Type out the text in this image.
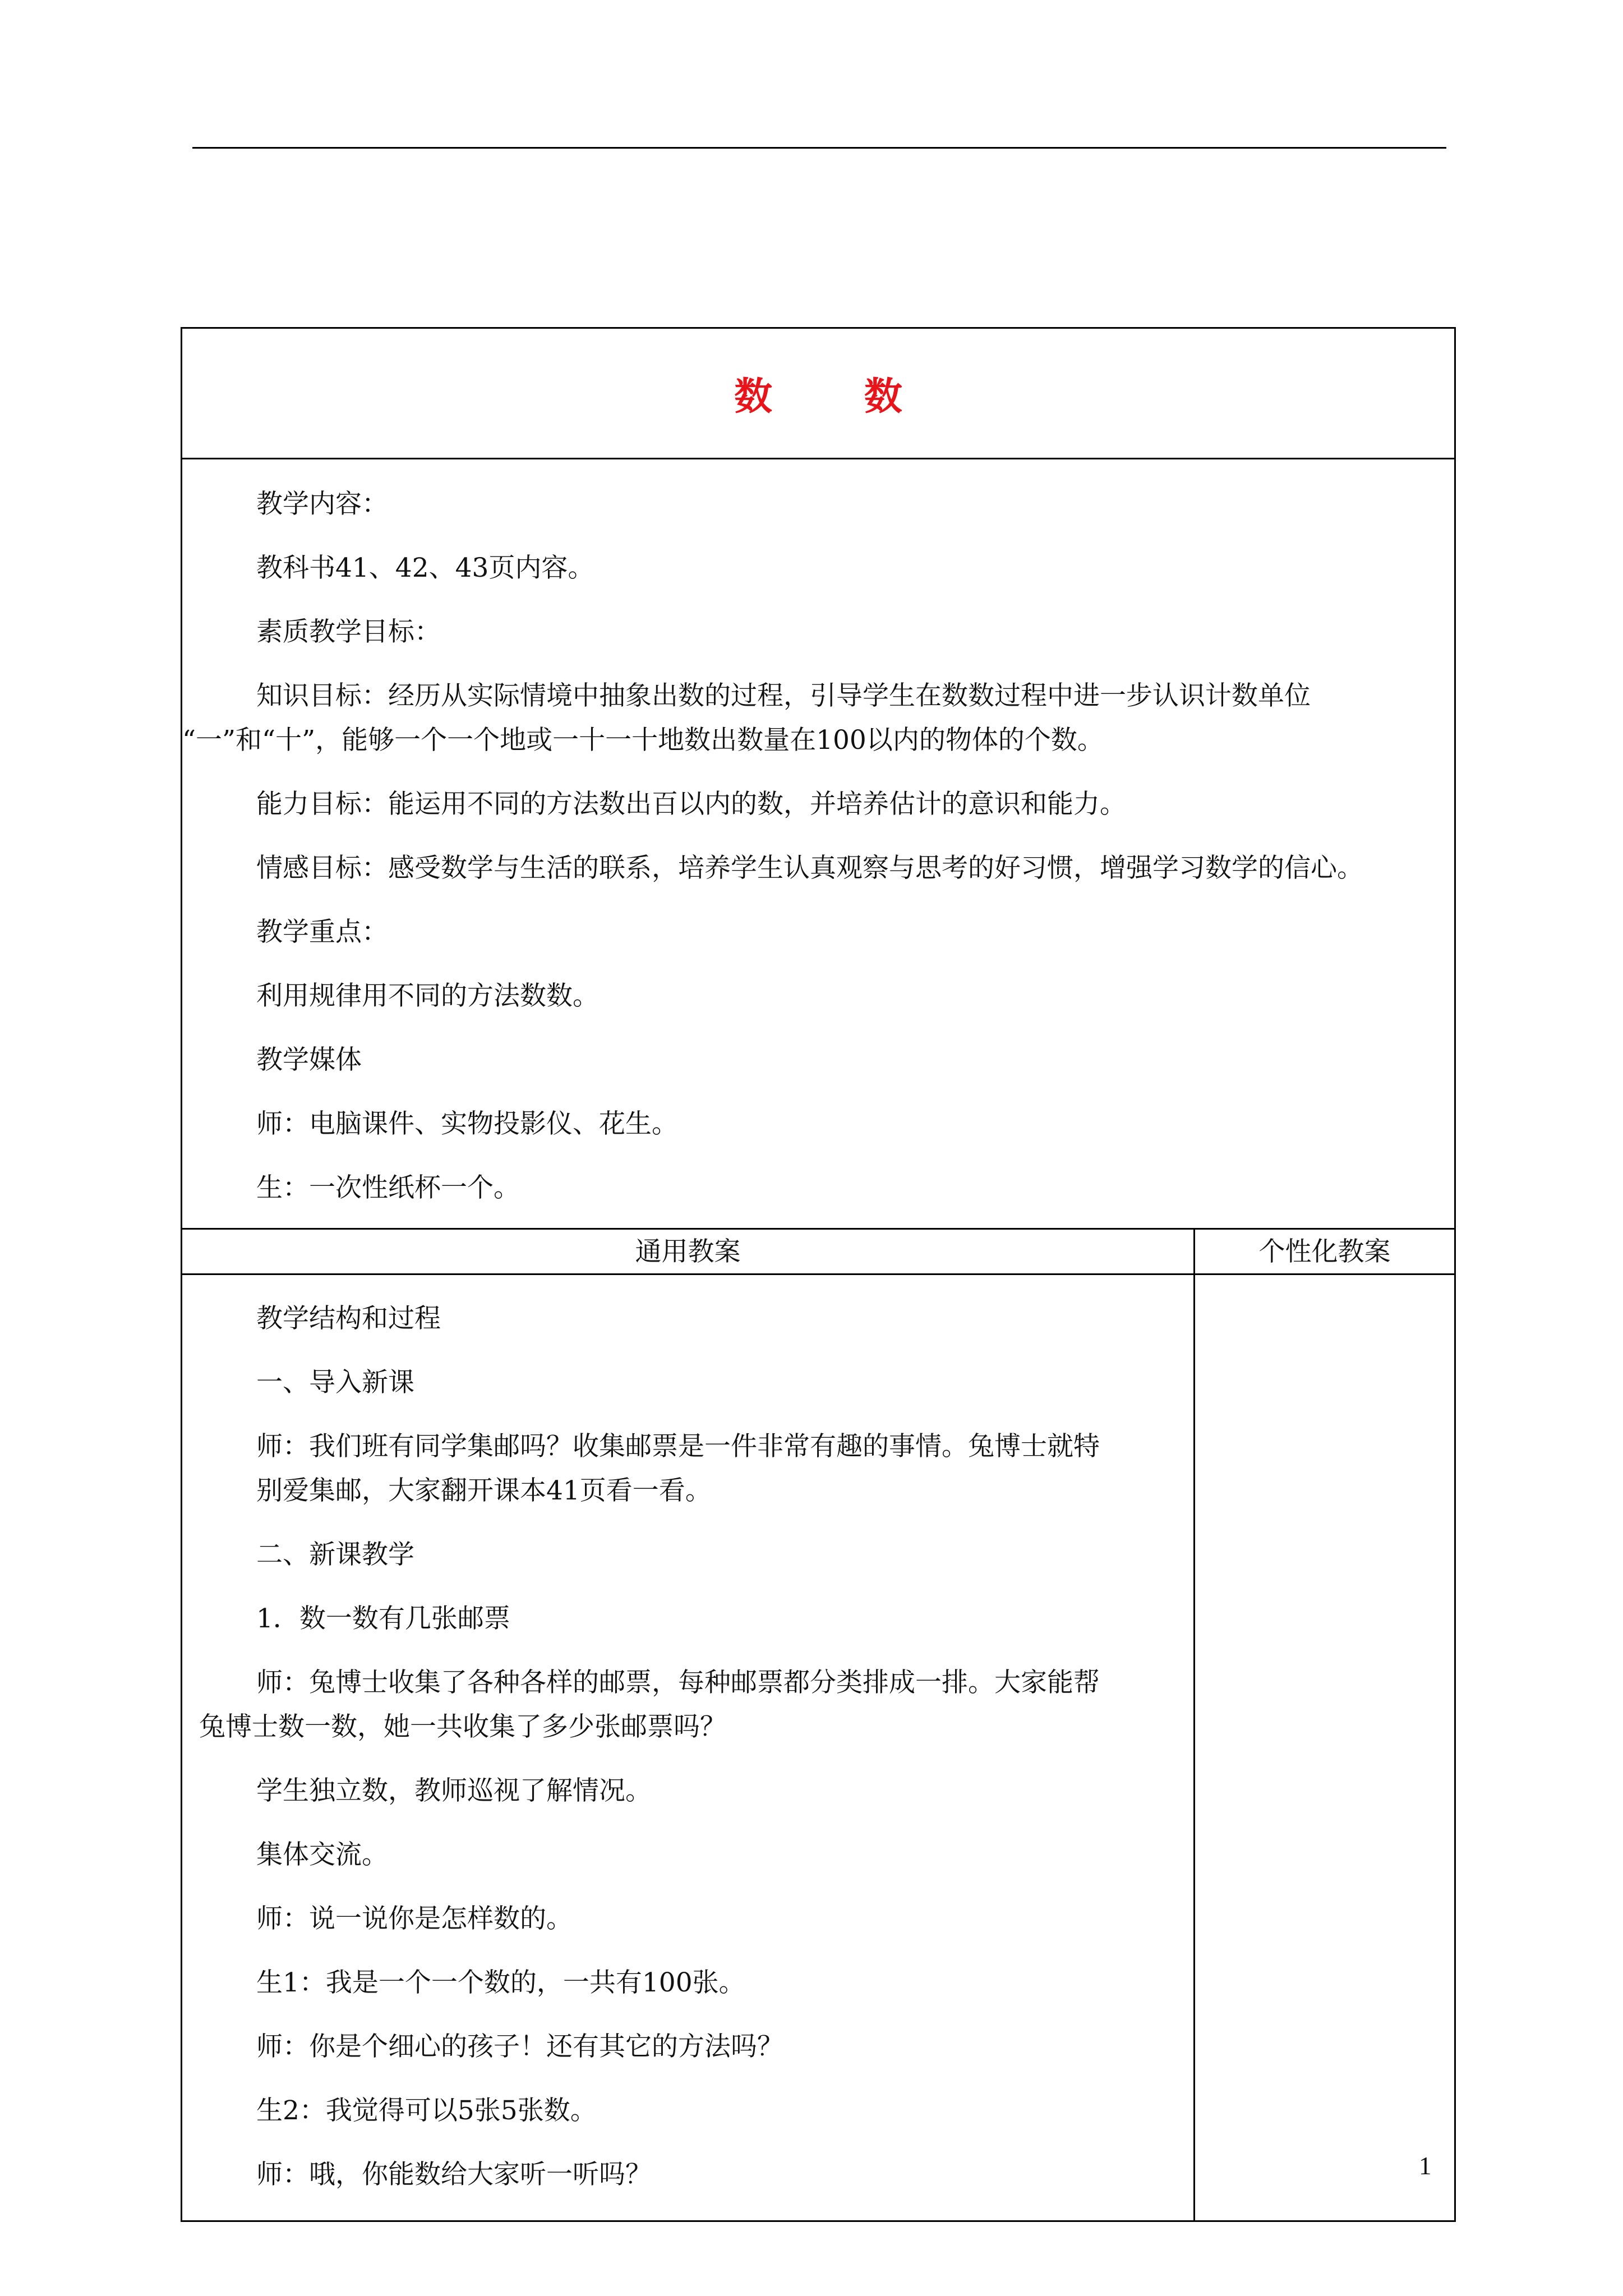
数 数
教学内容：
教科书41、42、43页内容。
素质教学目标：
知识目标：经历从实际情境中抽象出数的过程，引导学生在数数过程中进一步认识计数单位
“一”和“十”，能够一个一个地或一十一十地数出数量在100以内的物体的个数。
能力目标：能运用不同的方法数出百以内的数，并培养估计的意识和能力。
情感目标：感受数学与生活的联系，培养学生认真观察与思考的好习惯，增强学习数学的信心。
教学重点：
利用规律用不同的方法数数。
教学媒体
师：电脑课件、实物投影仪、花生。
生：一次性纸杯一个。
通用教案	个性化教案
教学结构和过程
一、导入新课
师：我们班有同学集邮吗？收集邮票是一件非常有趣的事情。兔博士就特
别爱集邮，大家翻开课本41页看一看。
二、新课教学
1．数一数有几张邮票
师：兔博士收集了各种各样的邮票，每种邮票都分类排成一排。大家能帮
兔博士数一数，她一共收集了多少张邮票吗？
学生独立数，教师巡视了解情况。
集体交流。
师：说一说你是怎样数的。
生1：我是一个一个数的，一共有100张。
师：你是个细心的孩子！还有其它的方法吗？
生2：我觉得可以5张5张数。
师：哦，你能数给大家听一听吗？	1
